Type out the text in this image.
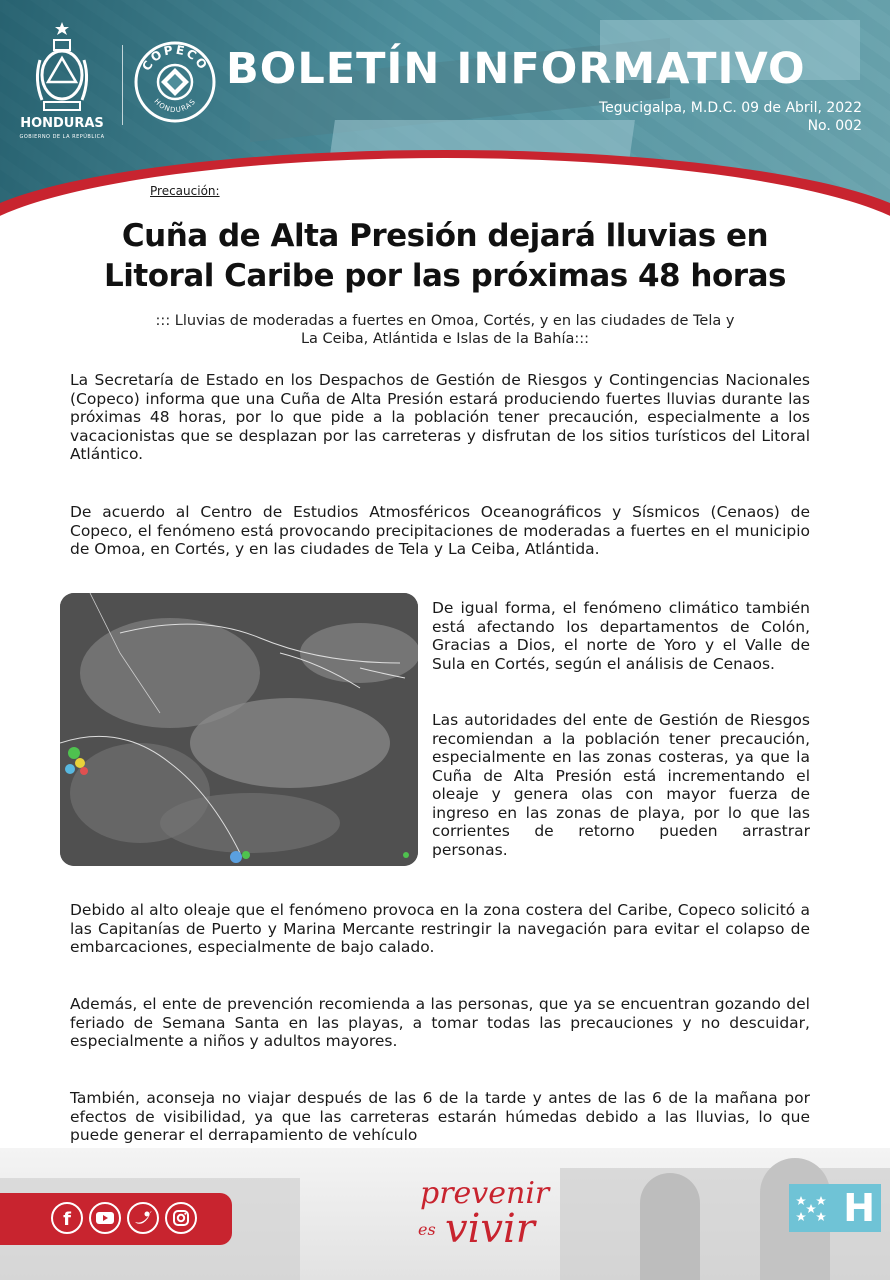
HONDURAS
GOBIERNO DE LA REPÚBLICA
COPECO
HONDURAS
BOLETÍN INFORMATIVO
Tegucigalpa, M.D.C. 09 de Abril, 2022
No. 002
Precaución:
Cuña de Alta Presión dejará lluvias en
Litoral Caribe por las próximas 48 horas
::: Lluvias de moderadas a fuertes en Omoa, Cortés, y en las ciudades de Tela y
La Ceiba, Atlántida e Islas de la Bahía:::

La Secretaría de Estado en los Despachos de Gestión de Riesgos y Contingencias Nacionales (Copeco) informa que una Cuña de Alta Presión estará produciendo fuertes lluvias durante las próximas 48 horas, por lo que pide a la población tener precaución, especialmente a los vacacionistas que se desplazan por las carreteras y disfrutan de los sitios turísticos del Litoral Atlántico.

De acuerdo al Centro de Estudios Atmosféricos Oceanográficos y Sísmicos (Cenaos) de Copeco, el fenómeno está provocando precipitaciones de moderadas a fuertes en el municipio de Omoa, en Cortés, y en las ciudades de Tela y La Ceiba, Atlántida.

De igual forma, el fenómeno climático también está afectando los departamentos de Colón, Gracias a Dios, el norte de Yoro y el Valle de Sula en Cortés, según el análisis de Cenaos.

Las autoridades del ente de Gestión de Riesgos recomiendan a la población tener precaución, especialmente en las zonas costeras, ya que la Cuña de Alta Presión está incrementando el oleaje y genera olas con mayor fuerza de ingreso en las zonas de playa, por lo que las corrientes de retorno pueden arrastrar personas.

Debido al alto oleaje que el fenómeno provoca en la zona costera del Caribe, Copeco solicitó a las Capitanías de Puerto y Marina Mercante restringir la navegación para evitar el colapso de embarcaciones, especialmente de bajo calado.

Además, el ente de prevención recomienda a las personas, que ya se encuentran gozando del feriado de Semana Santa en las playas, a tomar todas las precauciones y no descuidar, especialmente a niños y adultos mayores.

También, aconseja no viajar después de las 6 de la tarde y antes de las 6 de la mañana por efectos de visibilidad, ya que las carreteras estarán húmedas debido a las lluvias, lo que puede generar el derrapamiento de vehículo

f
prevenir
es vivir	H
